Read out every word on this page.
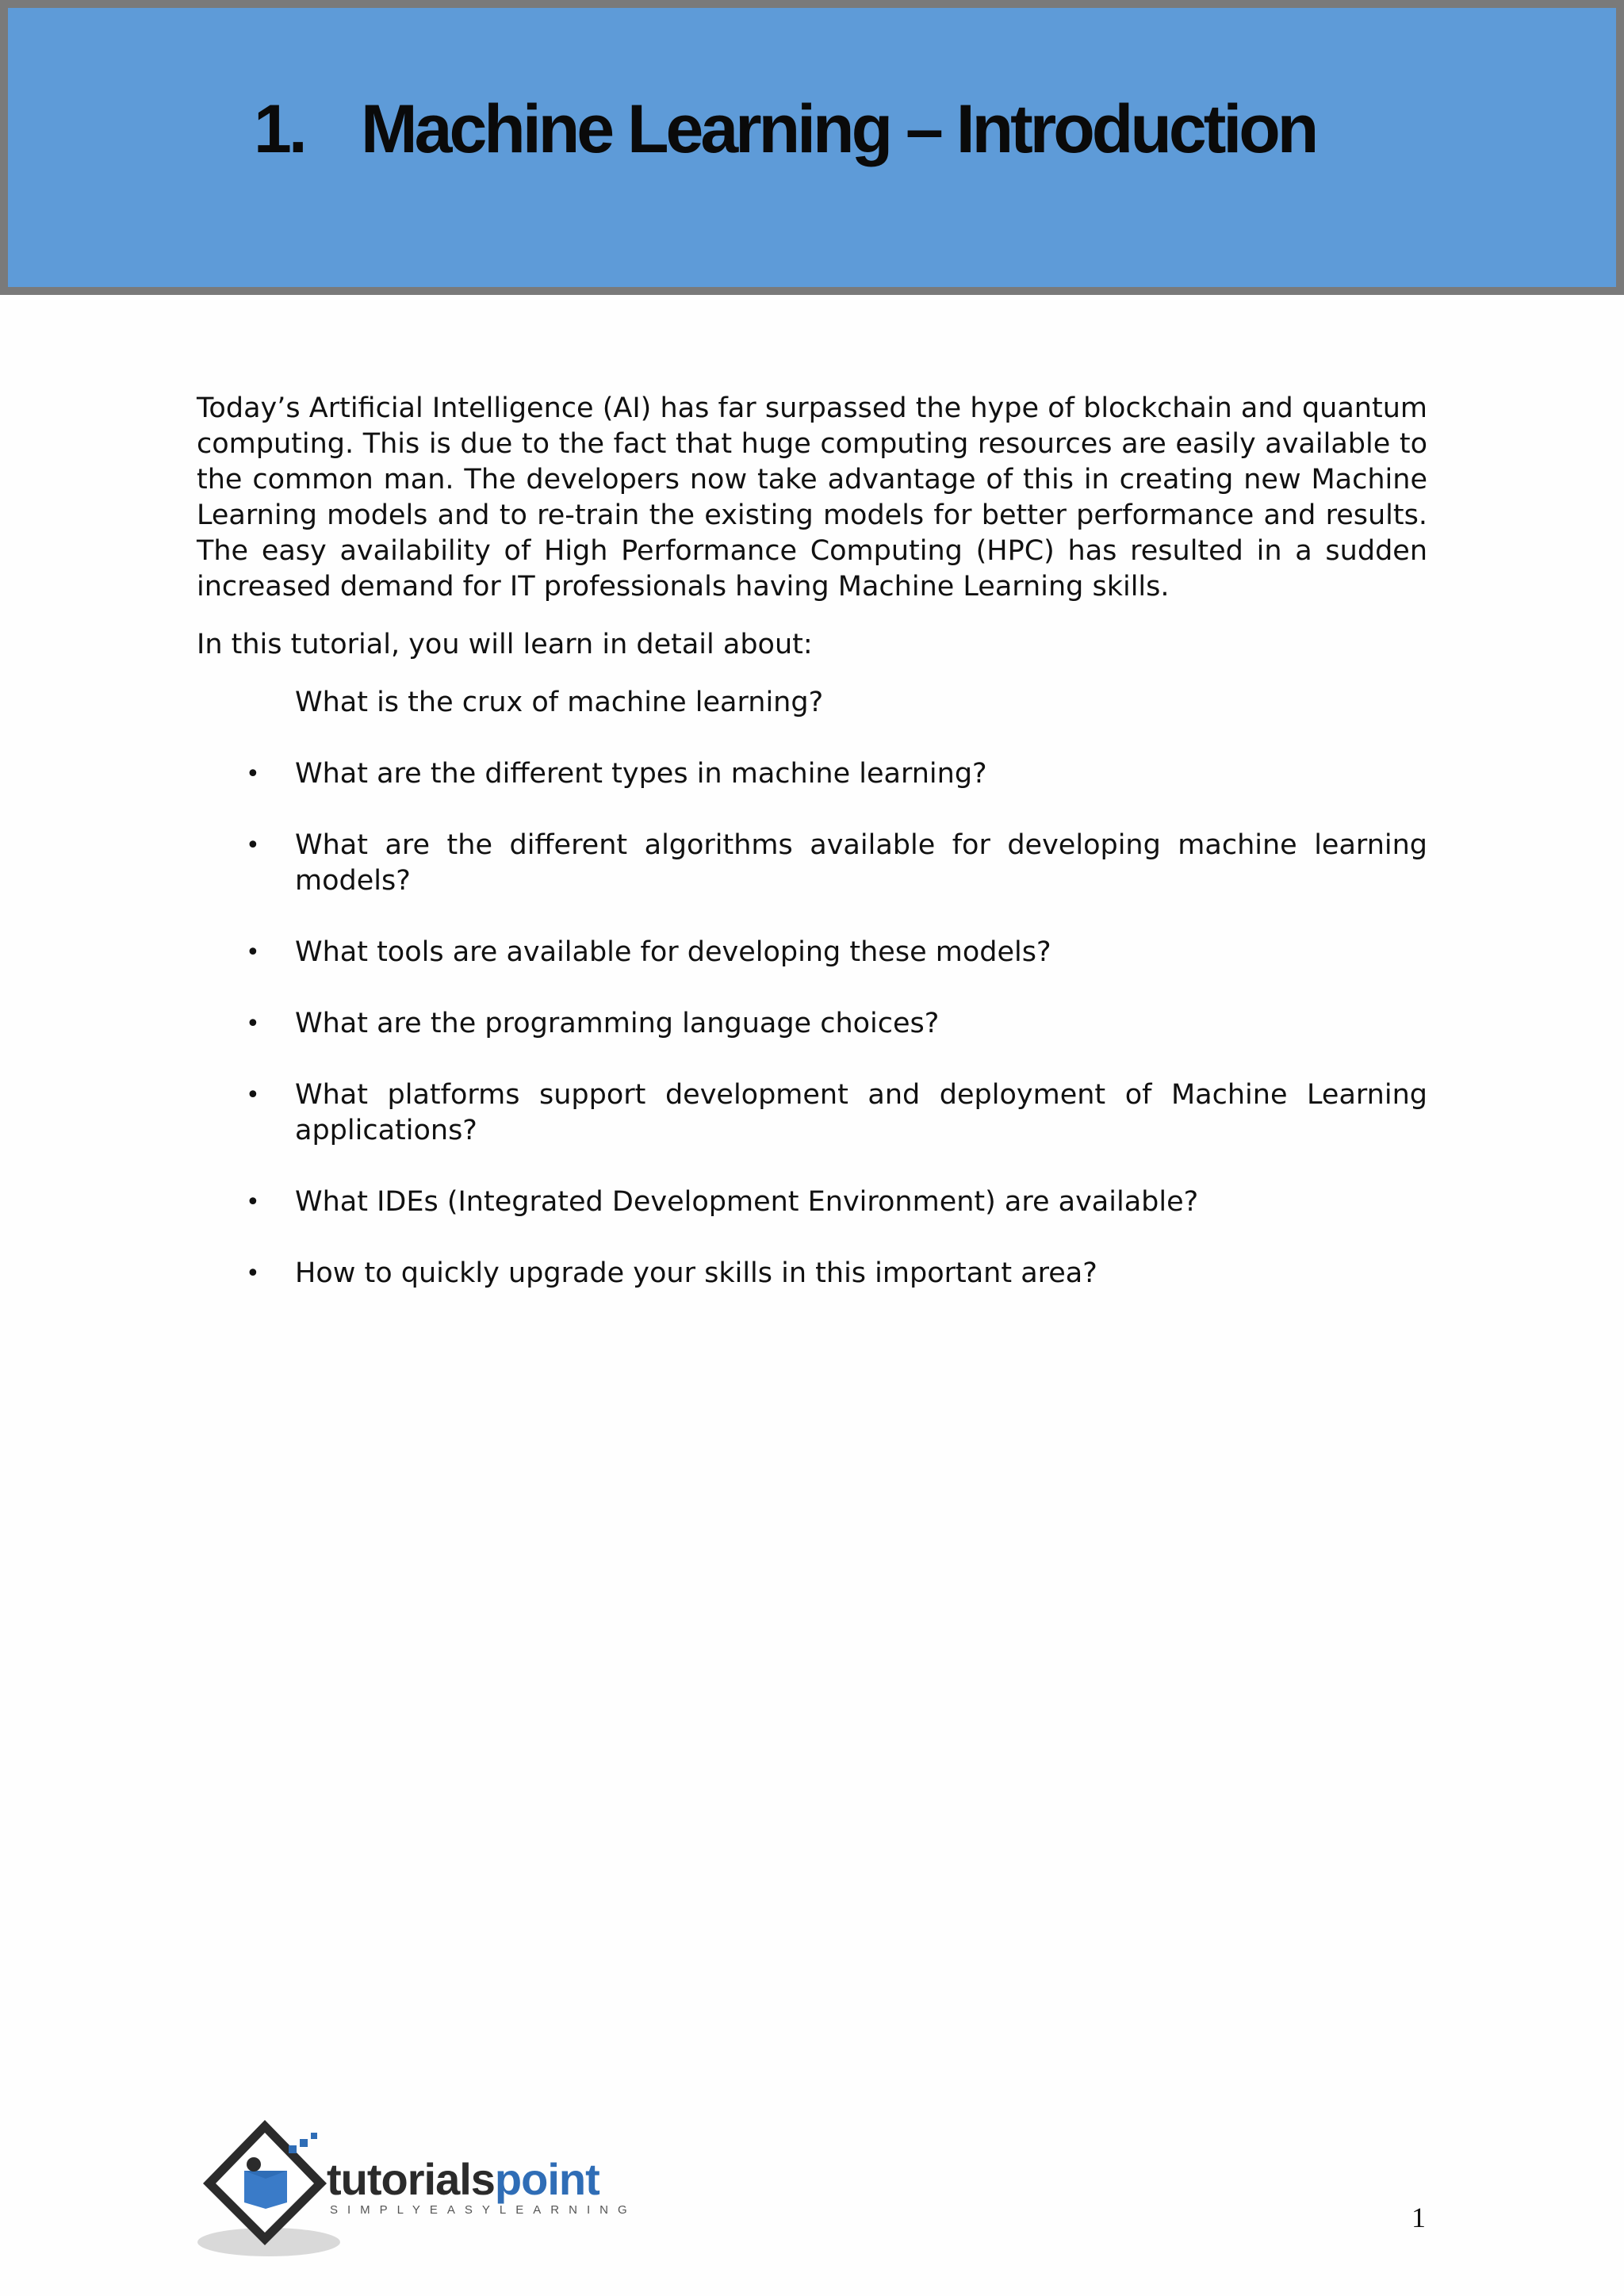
1. Machine Learning – Introduction

Today’s Artificial Intelligence (AI) has far surpassed the hype of blockchain and quantum computing. This is due to the fact that huge computing resources are easily available to the common man. The developers now take advantage of this in creating new Machine Learning models and to re-train the existing models for better performance and results. The easy availability of High Performance Computing (HPC) has resulted in a sudden increased demand for IT professionals having Machine Learning skills.

In this tutorial, you will learn in detail about:

What is the crux of machine learning?
• What are the different types in machine learning?
• What are the different algorithms available for developing machine learning models?
• What tools are available for developing these models?
• What are the programming language choices?
• What platforms support development and deployment of Machine Learning applications?
• What IDEs (Integrated Development Environment) are available?
• How to quickly upgrade your skills in this important area?
tutorialspoint
SIMPLYEASYLEARNING	1
